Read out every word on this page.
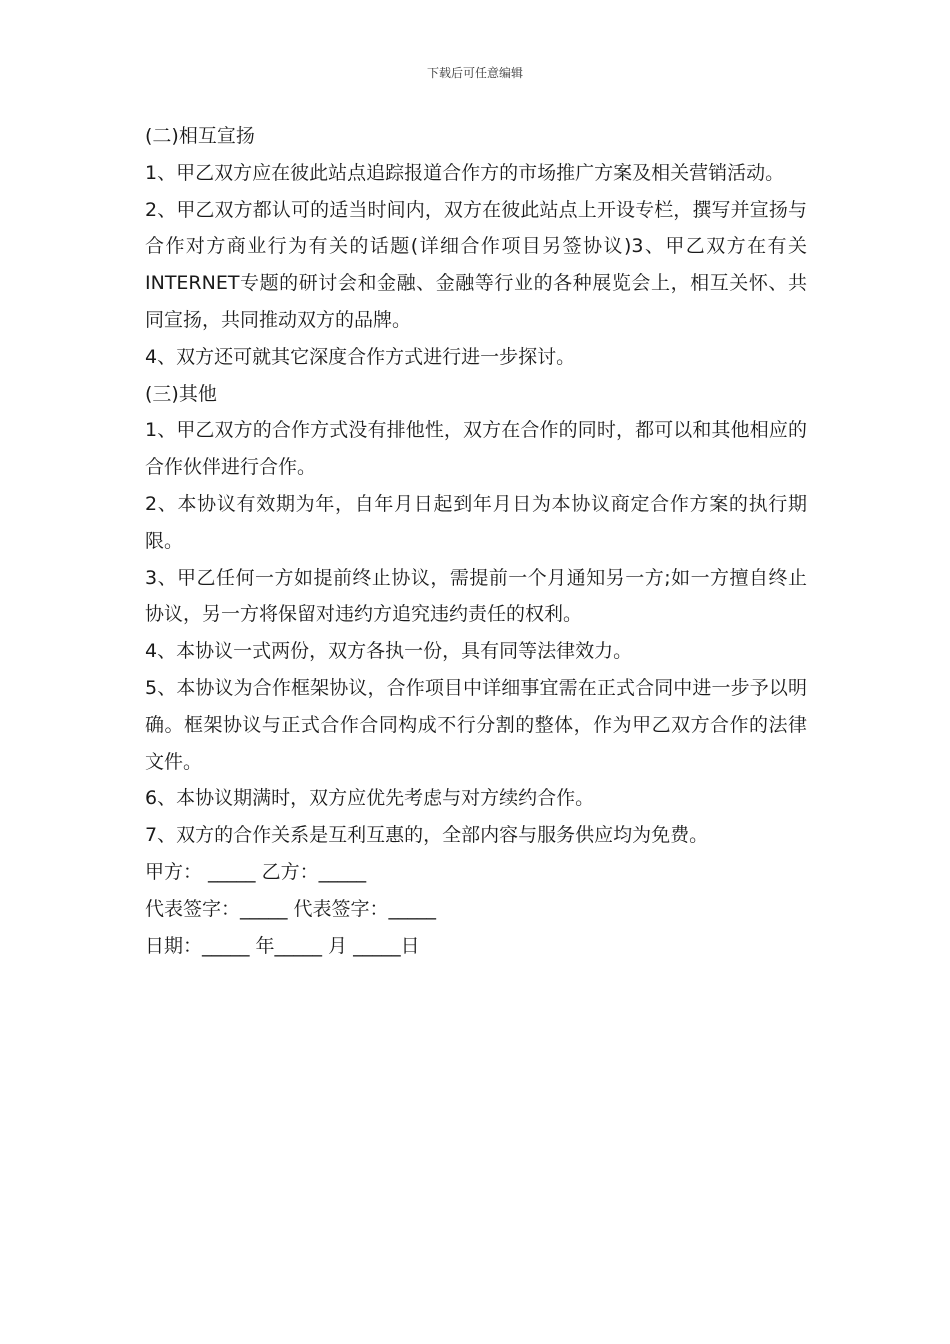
下载后可任意编辑

(二)相互宣扬

1、甲乙双方应在彼此站点追踪报道合作方的市场推广方案及相关营销活动。

2、甲乙双方都认可的适当时间内，双方在彼此站点上开设专栏，撰写并宣扬与合作对方商业行为有关的话题(详细合作项目另签协议)3、甲乙双方在有关INTERNET专题的研讨会和金融、金融等行业的各种展览会上，相互关怀、共同宣扬，共同推动双方的品牌。

4、双方还可就其它深度合作方式进行进一步探讨。

(三)其他

1、甲乙双方的合作方式没有排他性，双方在合作的同时，都可以和其他相应的合作伙伴进行合作。

2、本协议有效期为年，自年月日起到年月日为本协议商定合作方案的执行期限。

3、甲乙任何一方如提前终止协议，需提前一个月通知另一方;如一方擅自终止协议，另一方将保留对违约方追究违约责任的权利。

4、本协议一式两份，双方各执一份，具有同等法律效力。

5、本协议为合作框架协议，合作项目中详细事宜需在正式合同中进一步予以明确。框架协议与正式合作合同构成不行分割的整体，作为甲乙双方合作的法律文件。

6、本协议期满时，双方应优先考虑与对方续约合作。

7、双方的合作关系是互利互惠的，全部内容与服务供应均为免费。

甲方： _____ 乙方：_____

代表签字：_____ 代表签字：_____

日期：_____ 年_____ 月 _____日
